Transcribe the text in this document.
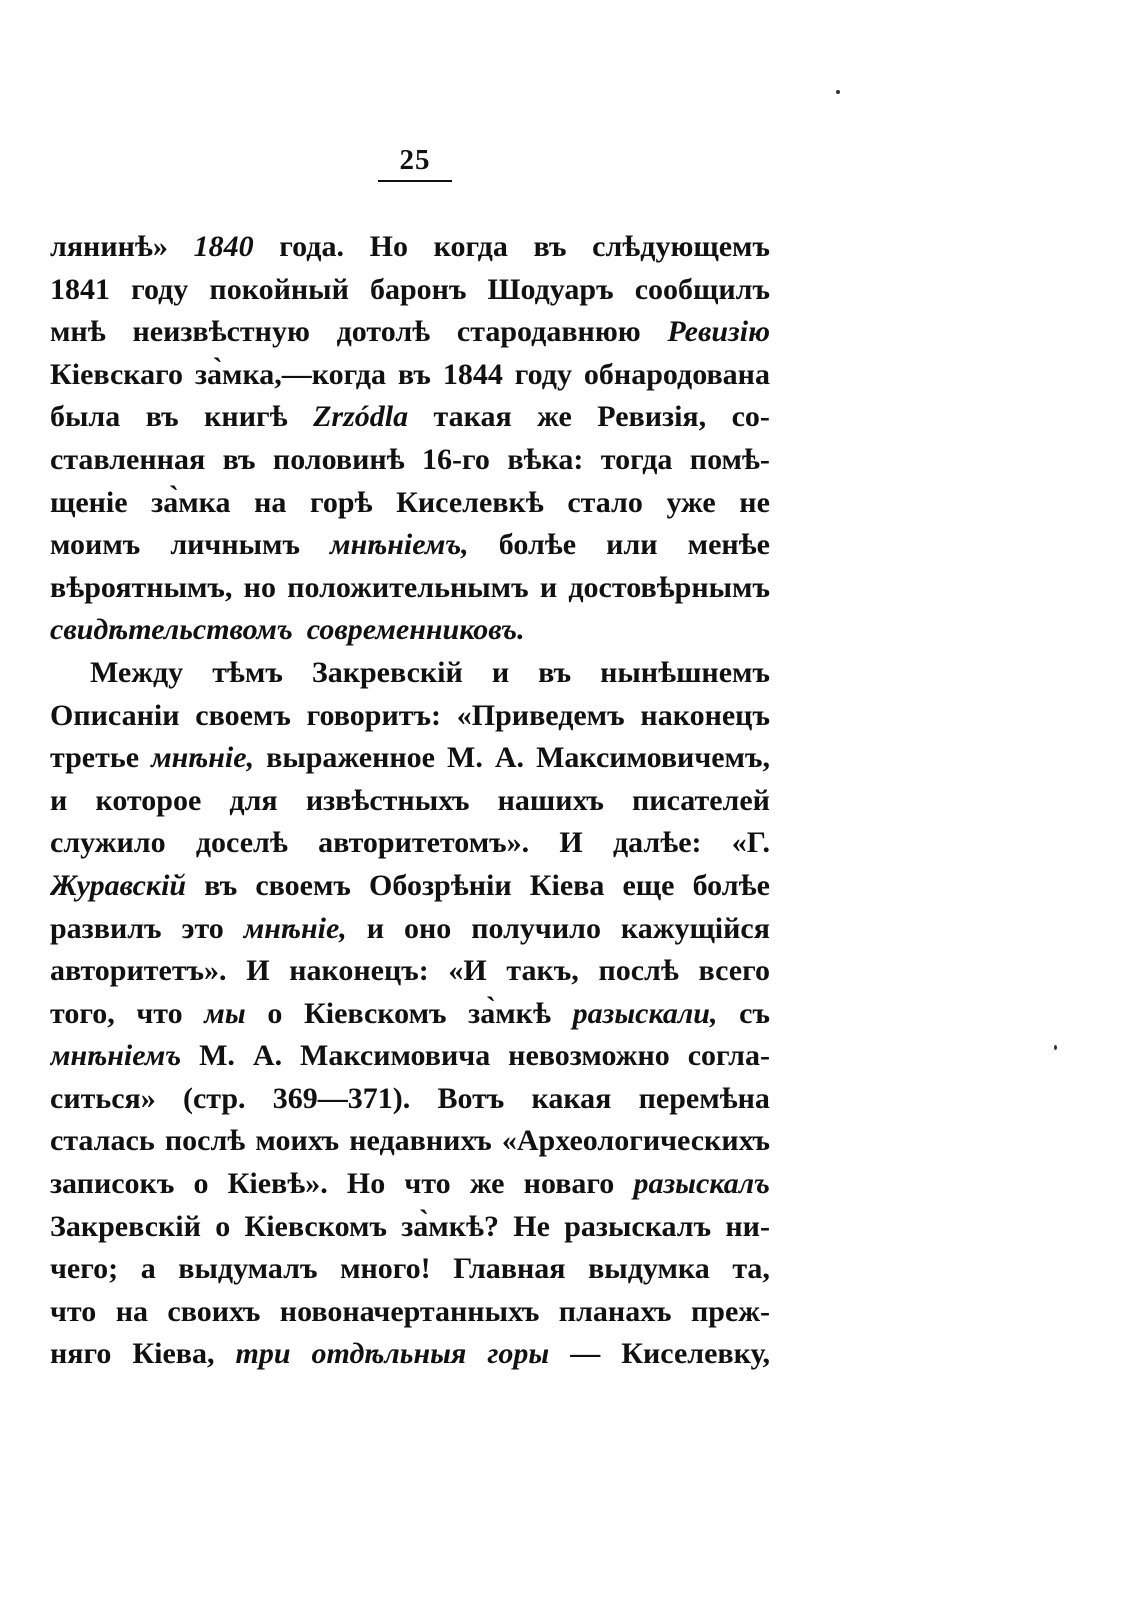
25
лянинѣ» 1840 года. Но когда въ слѣдующемъ
1841 году покойный баронъ Шодуаръ сообщилъ
мнѣ неизвѣстную дотолѣ стародавнюю Ревизію
Кіевскаго за̀мка,—когда въ 1844 году обнародована
была въ книгѣ Zrzódla такая же Ревизія, со-
ставленная въ половинѣ 16-го вѣка: тогда помѣ-
щеніе за̀мка на горѣ Киселевкѣ стало уже не
моимъ личнымъ мнѣніемъ, болѣе или менѣе
вѣроятнымъ, но положительнымъ и достовѣрнымъ
свидѣтельствомъ современниковъ.
Между тѣмъ Закревскій и въ нынѣшнемъ
Описаніи своемъ говоритъ: «Приведемъ наконецъ
третье мнѣніе, выраженное М. А. Максимовичемъ,
и которое для извѣстныхъ нашихъ писателей
служило доселѣ авторитетомъ». И далѣе: «Г.
Журавскій въ своемъ Обозрѣніи Кіева еще болѣе
развилъ это мнѣніе, и оно получило кажущійся
авторитетъ». И наконецъ: «И такъ, послѣ всего
того, что мы о Кіевскомъ за̀мкѣ разыскали, съ
мнѣніемъ М. А. Максимовича невозможно согла-
ситься» (стр. 369—371). Вотъ какая перемѣна
сталась послѣ моихъ недавнихъ «Археологическихъ
записокъ о Кіевѣ». Но что же новаго разыскалъ
Закревскій о Кіевскомъ за̀мкѣ? Не разыскалъ ни-
чего; а выдумалъ много! Главная выдумка та,
что на своихъ новоначертанныхъ планахъ преж-
няго Кіева, три отдѣльныя горы — Киселевку,
